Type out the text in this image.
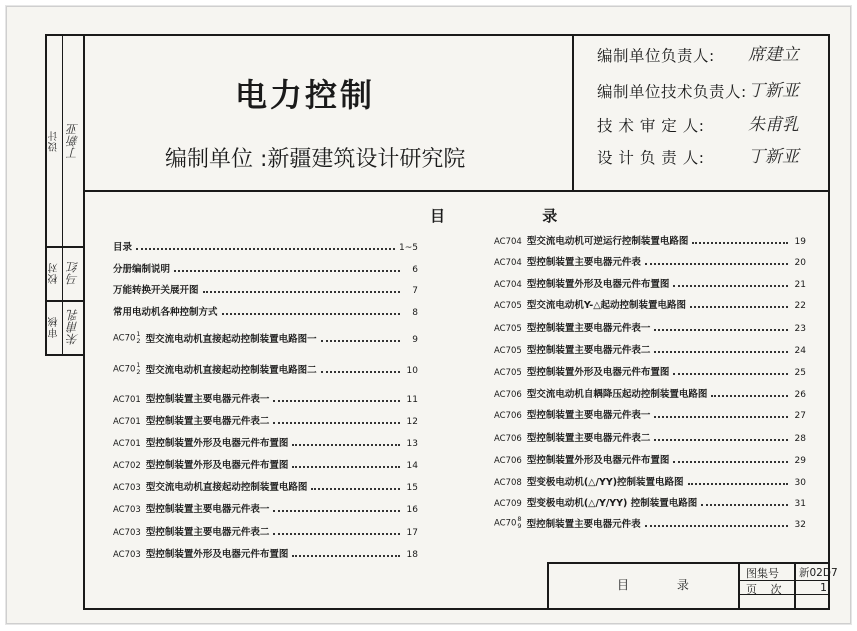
审核 朱甫乳
校对 马红
设计 丁新亚
电力控制
编制单位 :新疆建筑设计研究院
编制单位负责人: 席建立
编制单位技术负责人: 丁新亚
技 术 审 定 人:	朱甫乳
设 计 负 责 人:	丁新亚
目 录
目录	1~5
分册编制说明	6
万能转换开关展开图	7
常用电动机各种控制方式	8
AC70 1
2 型交流电动机直接起动控制装置电路图一	9
AC70 1
2 型交流电动机直接起动控制装置电路图二	10
AC701 型控制装置主要电器元件表一	11
AC701 型控制装置主要电器元件表二	12
AC701 型控制装置外形及电器元件布置图	13
AC702 型控制装置外形及电器元件布置图	14
AC703 型交流电动机直接起动控制装置电路图	15
AC703 型控制装置主要电器元件表一	16
AC703 型控制装置主要电器元件表二	17
AC703 型控制装置外形及电器元件布置图	18
AC704 型交流电动机可逆运行控制装置电路图	19
AC704 型控制装置主要电器元件表	20
AC704 型控制装置外形及电器元件布置图	21
AC705 型交流电动机Y-△起动控制装置电路图	22
AC705 型控制装置主要电器元件表一	23
AC705 型控制装置主要电器元件表二	24
AC705 型控制装置外形及电器元件布置图	25
AC706 型交流电动机自耦降压起动控制装置电路图	26
AC706 型控制装置主要电器元件表一	27
AC706 型控制装置主要电器元件表二	28
AC706 型控制装置外形及电器元件布置图	29
AC708 型变极电动机(△/YY)控制装置电路图	30
AC709 型变极电动机(△/Y/YY) 控制装置电路图	31
AC70 8
9 型控制装置主要电器元件表	32
目 录
图集号 新02D7
页 次	1
